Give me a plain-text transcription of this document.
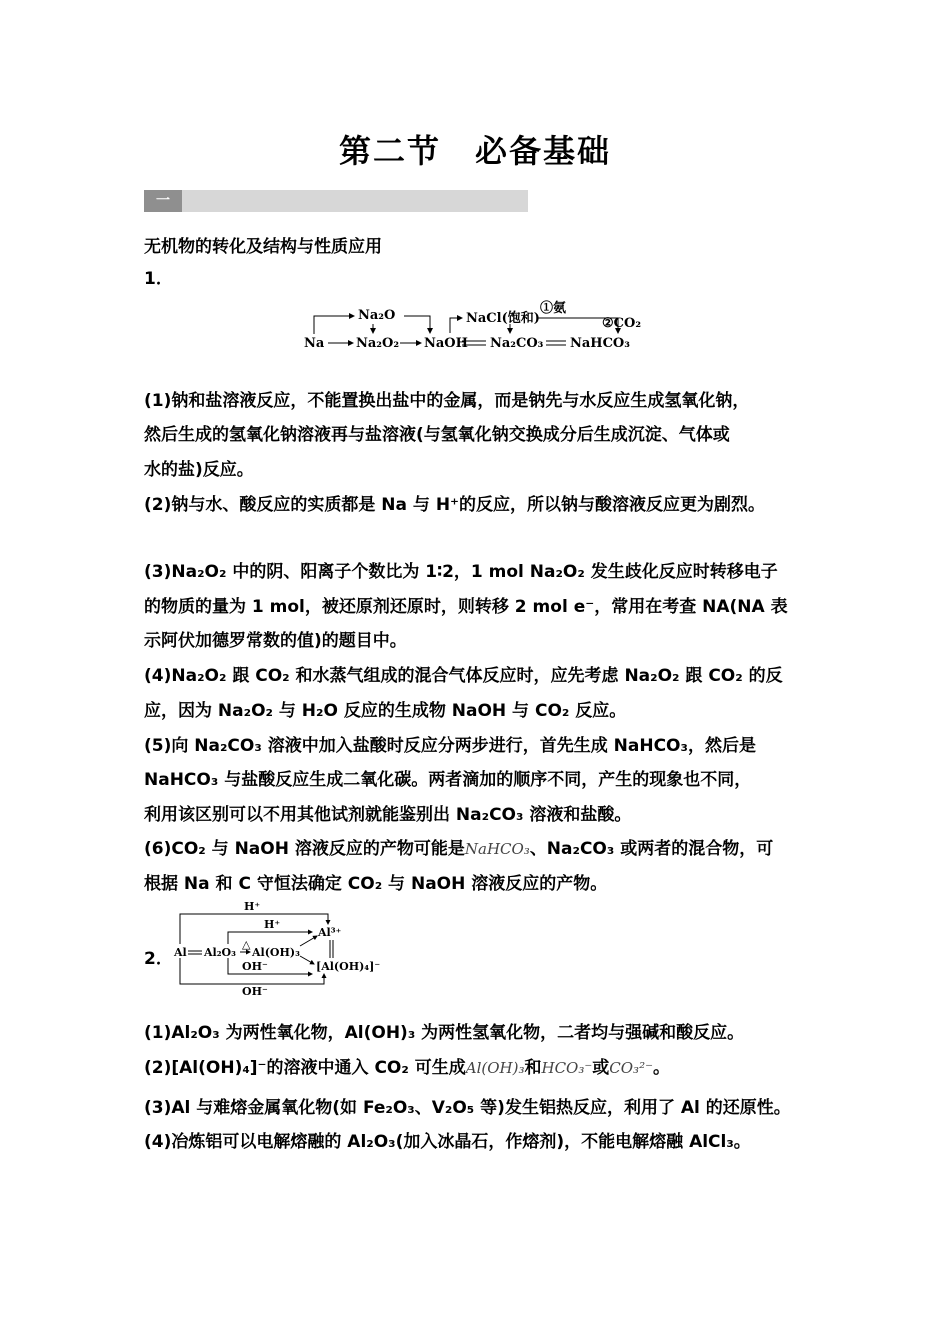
第二节　必备基础
一
无机物的转化及结构与性质应用
1．
Na
Na₂O
Na₂O₂ NaOH Na₂CO₃
NaCl(饱和)
①氨
②CO₂
NaHCO₃
(1)钠和盐溶液反应，不能置换出盐中的金属，而是钠先与水反应生成氢氧化钠，
然后生成的氢氧化钠溶液再与盐溶液(与氢氧化钠交换成分后生成沉淀、气体或
水的盐)反应。
(2)钠与水、酸反应的实质都是 Na 与 H⁺的反应，所以钠与酸溶液反应更为剧烈。
(3)Na₂O₂ 中的阴、阳离子个数比为 1∶2，1 mol Na₂O₂ 发生歧化反应时转移电子
的物质的量为 1 mol，被还原剂还原时，则转移 2 mol e⁻，常用在考查 NA(NA 表
示阿伏加德罗常数的值)的题目中。
(4)Na₂O₂ 跟 CO₂ 和水蒸气组成的混合气体反应时，应先考虑 Na₂O₂ 跟 CO₂ 的反
应，因为 Na₂O₂ 与 H₂O 反应的生成物 NaOH 与 CO₂ 反应。
(5)向 Na₂CO₃ 溶液中加入盐酸时反应分两步进行，首先生成 NaHCO₃，然后是
NaHCO₃ 与盐酸反应生成二氧化碳。两者滴加的顺序不同，产生的现象也不同，
利用该区别可以不用其他试剂就能鉴别出 Na₂CO₃ 溶液和盐酸。
(6)CO₂ 与 NaOH 溶液反应的产物可能是NaHCO₃、Na₂CO₃ 或两者的混合物，可
根据 Na 和 C 守恒法确定 CO₂ 与 NaOH 溶液反应的产物。
2． Al Al₂O₃
△
Al(OH)₃
Al³⁺
[Al(OH)₄]⁻
H⁺
H⁺
OH⁻
OH⁻
(1)Al₂O₃ 为两性氧化物，Al(OH)₃ 为两性氢氧化物，二者均与强碱和酸反应。
(2)[Al(OH)₄]⁻的溶液中通入 CO₂ 可生成Al(OH)₃和HCO₃⁻或CO₃²⁻。
(3)Al 与难熔金属氧化物(如 Fe₂O₃、V₂O₅ 等)发生铝热反应，利用了 Al 的还原性。
(4)冶炼铝可以电解熔融的 Al₂O₃(加入冰晶石，作熔剂)，不能电解熔融 AlCl₃。
